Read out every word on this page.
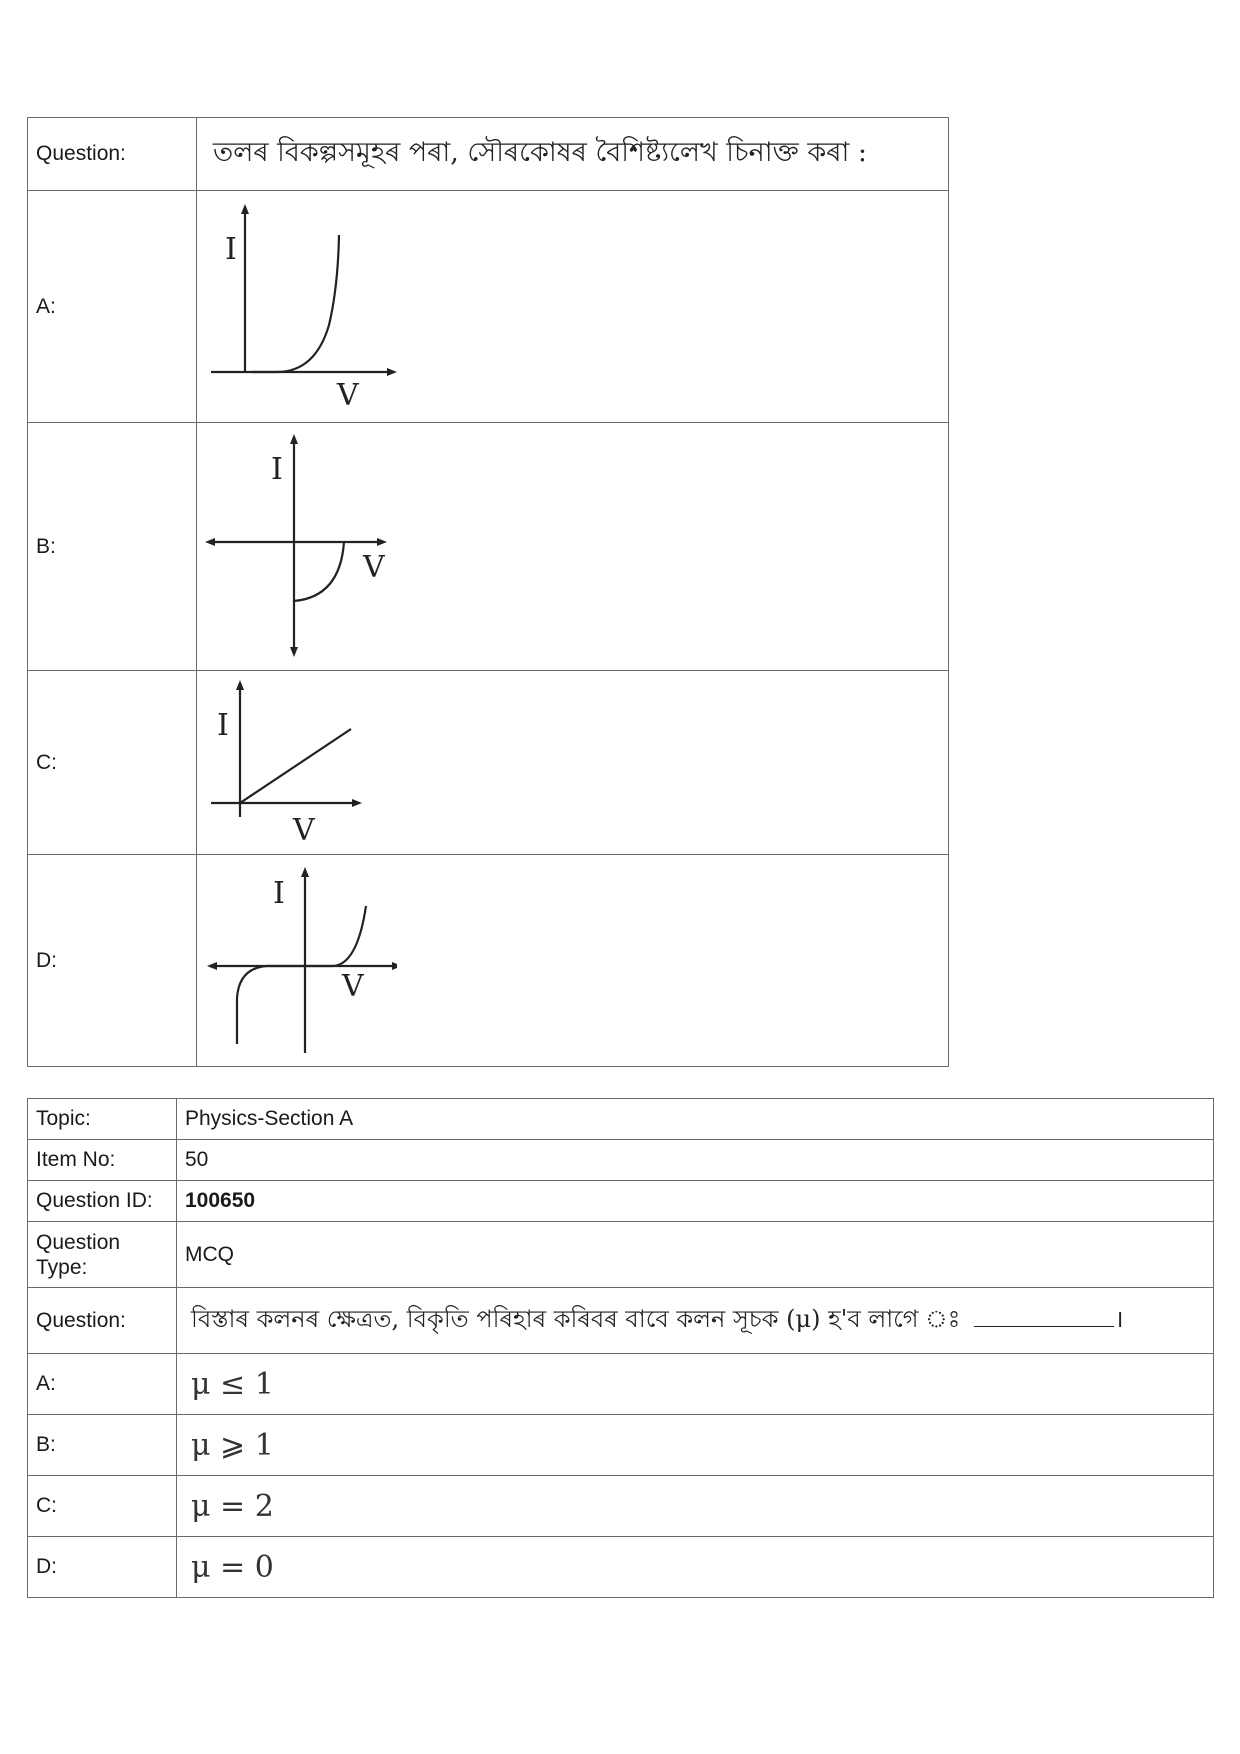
Question:	তলৰ বিকল্পসমূহৰ পৰা, সৌৰকোষৰ বৈশিষ্ট্যলেখ চিনাক্ত কৰা :
A:	I
V

B:	I
V

C:	I
V

D:	I
V
Topic:	Physics-Section A
Item No:	50
Question ID:	100650
Question Type:	MCQ
Question:	বিস্তাৰ কলনৰ ক্ষেত্ৰত, বিকৃতি পৰিহাৰ কৰিবৰ বাবে কলন সূচক (μ) হ'ব লাগে ঃ ।
A:	μ ≤ 1
B:	μ ⩾ 1
C:	μ = 2
D:	μ = 0
